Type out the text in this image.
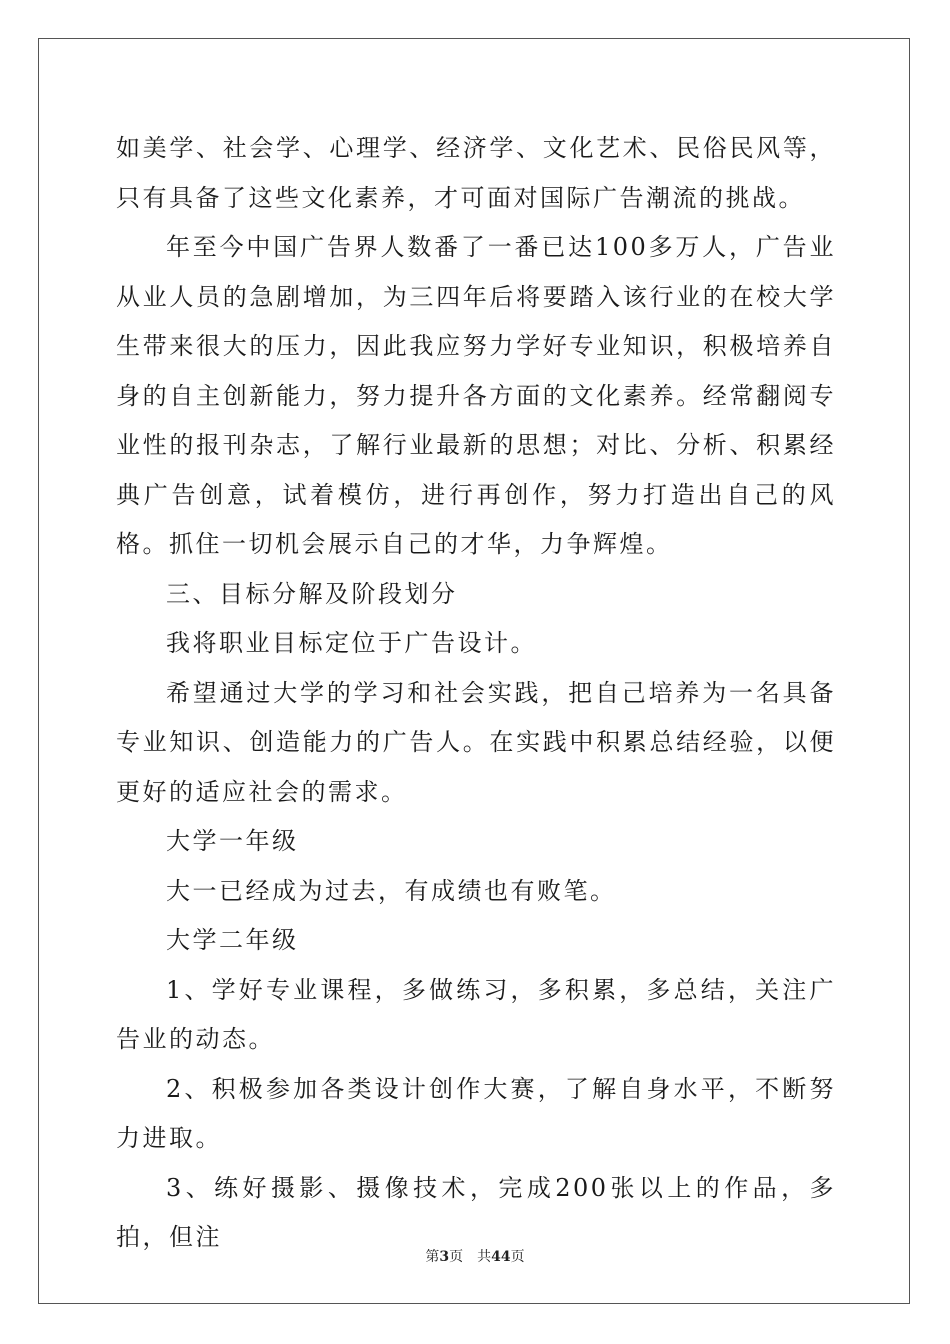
如美学、社会学、心理学、经济学、文化艺术、民俗民风等，只有具备了这些文化素养，才可面对国际广告潮流的挑战。

年至今中国广告界人数番了一番已达100多万人，广告业从业人员的急剧增加，为三四年后将要踏入该行业的在校大学生带来很大的压力，因此我应努力学好专业知识，积极培养自身的自主创新能力，努力提升各方面的文化素养。经常翻阅专业性的报刊杂志，了解行业最新的思想；对比、分析、积累经典广告创意，试着模仿，进行再创作，努力打造出自己的风格。抓住一切机会展示自己的才华，力争辉煌。

三、目标分解及阶段划分

我将职业目标定位于广告设计。

希望通过大学的学习和社会实践，把自己培养为一名具备专业知识、创造能力的广告人。在实践中积累总结经验，以便更好的适应社会的需求。

大学一年级

大一已经成为过去，有成绩也有败笔。

大学二年级

1、学好专业课程，多做练习，多积累，多总结，关注广告业的动态。

2、积极参加各类设计创作大赛，了解自身水平，不断努力进取。

3、练好摄影、摄像技术，完成200张以上的作品，多拍，但注

第3页 共44页
